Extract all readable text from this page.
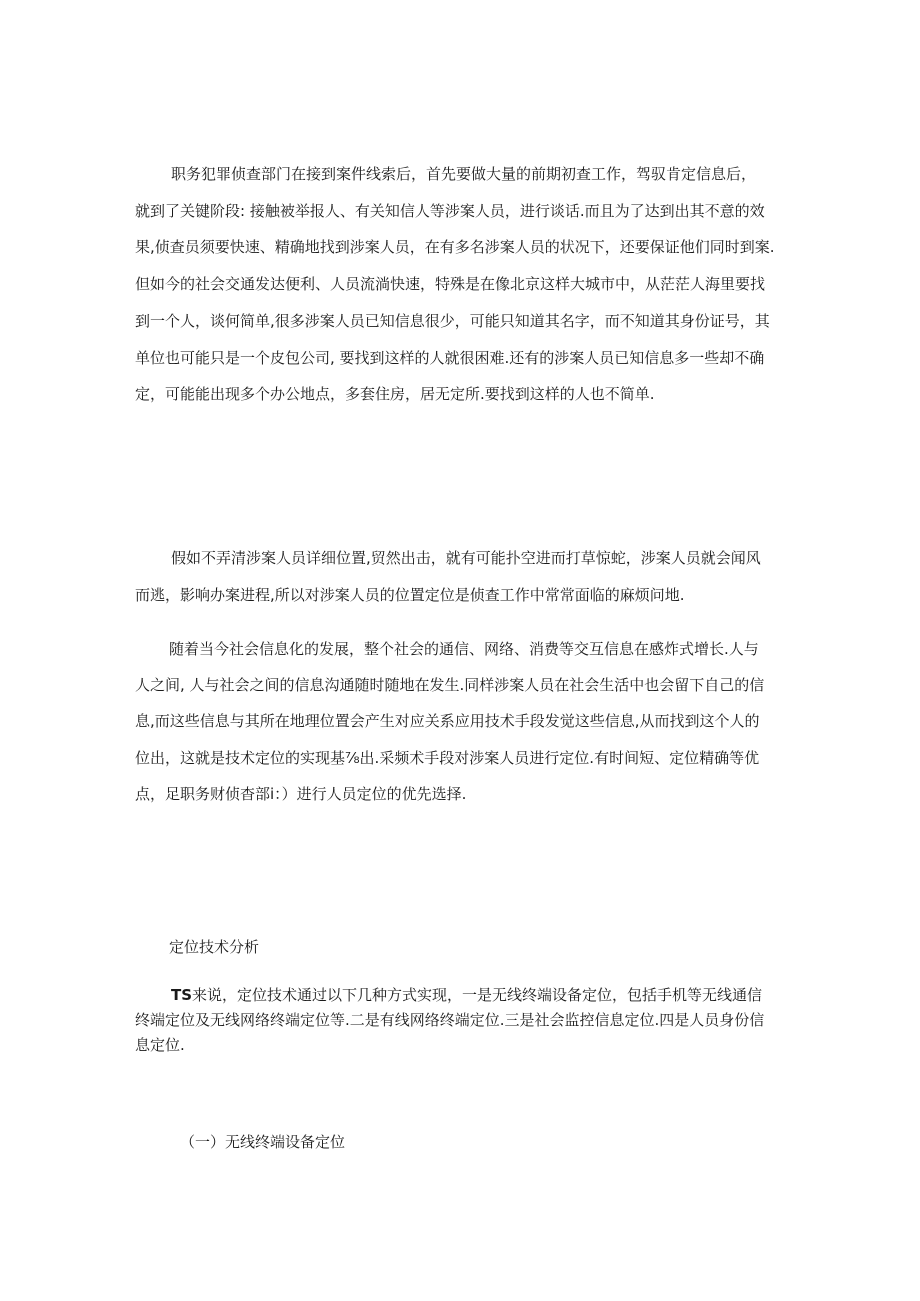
职务犯罪侦查部门在接到案件线索后，首先要做大量的前期初查工作，驾驭肯定信息后，
就到了关键阶段: 接触被举报人、有关知信人等涉案人员，进行谈话.而且为了达到出其不意的效
果,侦查员须要快速、精确地找到涉案人员，在有多名涉案人员的状况下，还要保证他们同时到案.
但如今的社会交通发达便利、人员流淌快速，特殊是在像北京这样大城市中，从茫茫人海里要找
到一个人，谈何简单,很多涉案人员已知信息很少，可能只知道其名字，而不知道其身份证号，其
单位也可能只是一个皮包公司, 要找到这样的人就很困难.还有的涉案人员已知信息多一些却不确
定，可能能出现多个办公地点，多套住房，居无定所.要找到这样的人也不简单.
假如不弄清涉案人员详细位置,贸然出击，就有可能扑空进而打草惊蛇，涉案人员就会闻风
而逃，影响办案进程,所以对涉案人员的位置定位是侦查工作中常常面临的麻烦问地.
随着当今社会信息化的发展，整个社会的通信、网络、消费等交互信息在感炸式增长.人与
人之间, 人与社会之间的信息沟通随时随地在发生.同样涉案人员在社会生活中也会留下自己的信
息,而这些信息与其所在地理位置会产生对应关系应用技术手段发觉这些信息,从而找到这个人的
位出，这就是技术定位的实现基⅞出.采频术手段对涉案人员进行定位.有时间短、定位精确等优
点，足职务财侦杳部i：）进行人员定位的优先选择.
定位技术分析
TS来说，定位技术通过以下几种方式实现，一是无线终端设备定位，包括手机等无线通信
终端定位及无线网络终端定位等.二是有线网络终端定位.三是社会监控信息定位.四是人员身份信
息定位.
（一）无线终端设备定位
